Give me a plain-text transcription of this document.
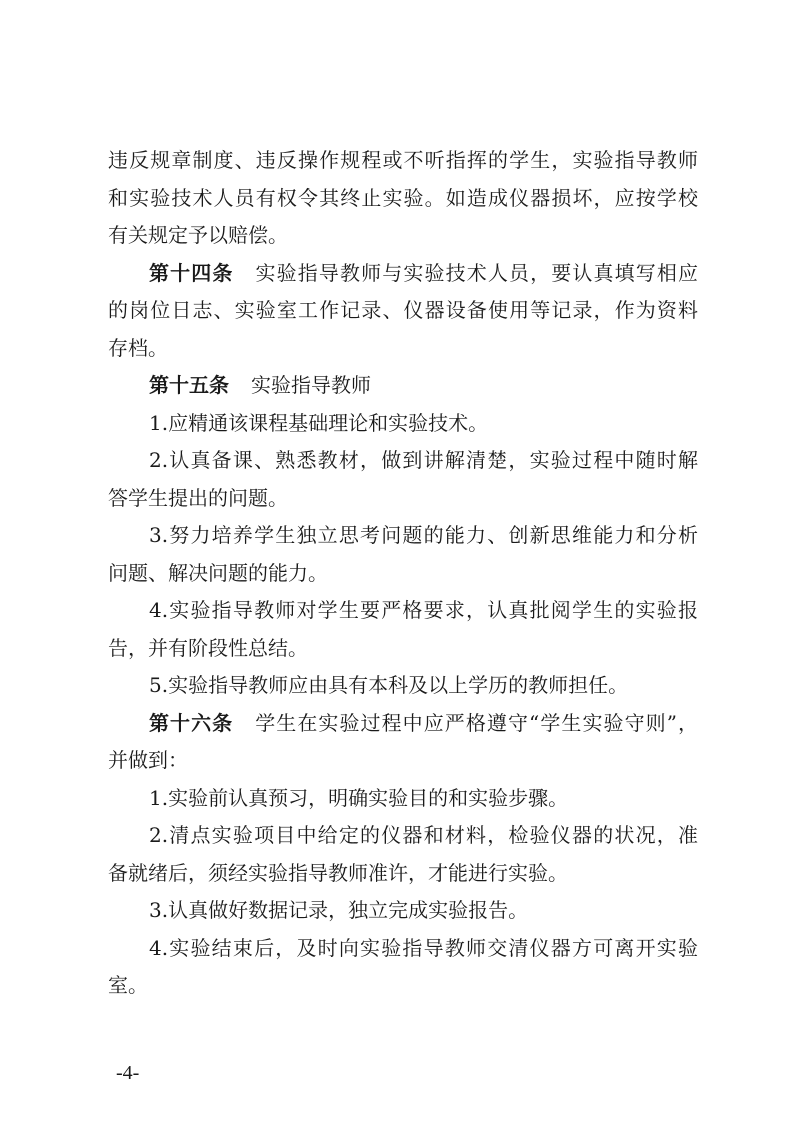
违反规章制度、违反操作规程或不听指挥的学生，实验指导教师
和实验技术人员有权令其终止实验。如造成仪器损坏，应按学校
有关规定予以赔偿。
第十四条 实验指导教师与实验技术人员，要认真填写相应
的岗位日志、实验室工作记录、仪器设备使用等记录，作为资料
存档。
第十五条 实验指导教师
1.应精通该课程基础理论和实验技术。
2.认真备课、熟悉教材，做到讲解清楚，实验过程中随时解
答学生提出的问题。
3.努力培养学生独立思考问题的能力、创新思维能力和分析
问题、解决问题的能力。
4.实验指导教师对学生要严格要求，认真批阅学生的实验报
告，并有阶段性总结。
5.实验指导教师应由具有本科及以上学历的教师担任。
第十六条 学生在实验过程中应严格遵守“学生实验守则”，
并做到：
1.实验前认真预习，明确实验目的和实验步骤。
2.清点实验项目中给定的仪器和材料，检验仪器的状况，准
备就绪后，须经实验指导教师准许，才能进行实验。
3.认真做好数据记录，独立完成实验报告。
4.实验结束后，及时向实验指导教师交清仪器方可离开实验
室。
-4-
